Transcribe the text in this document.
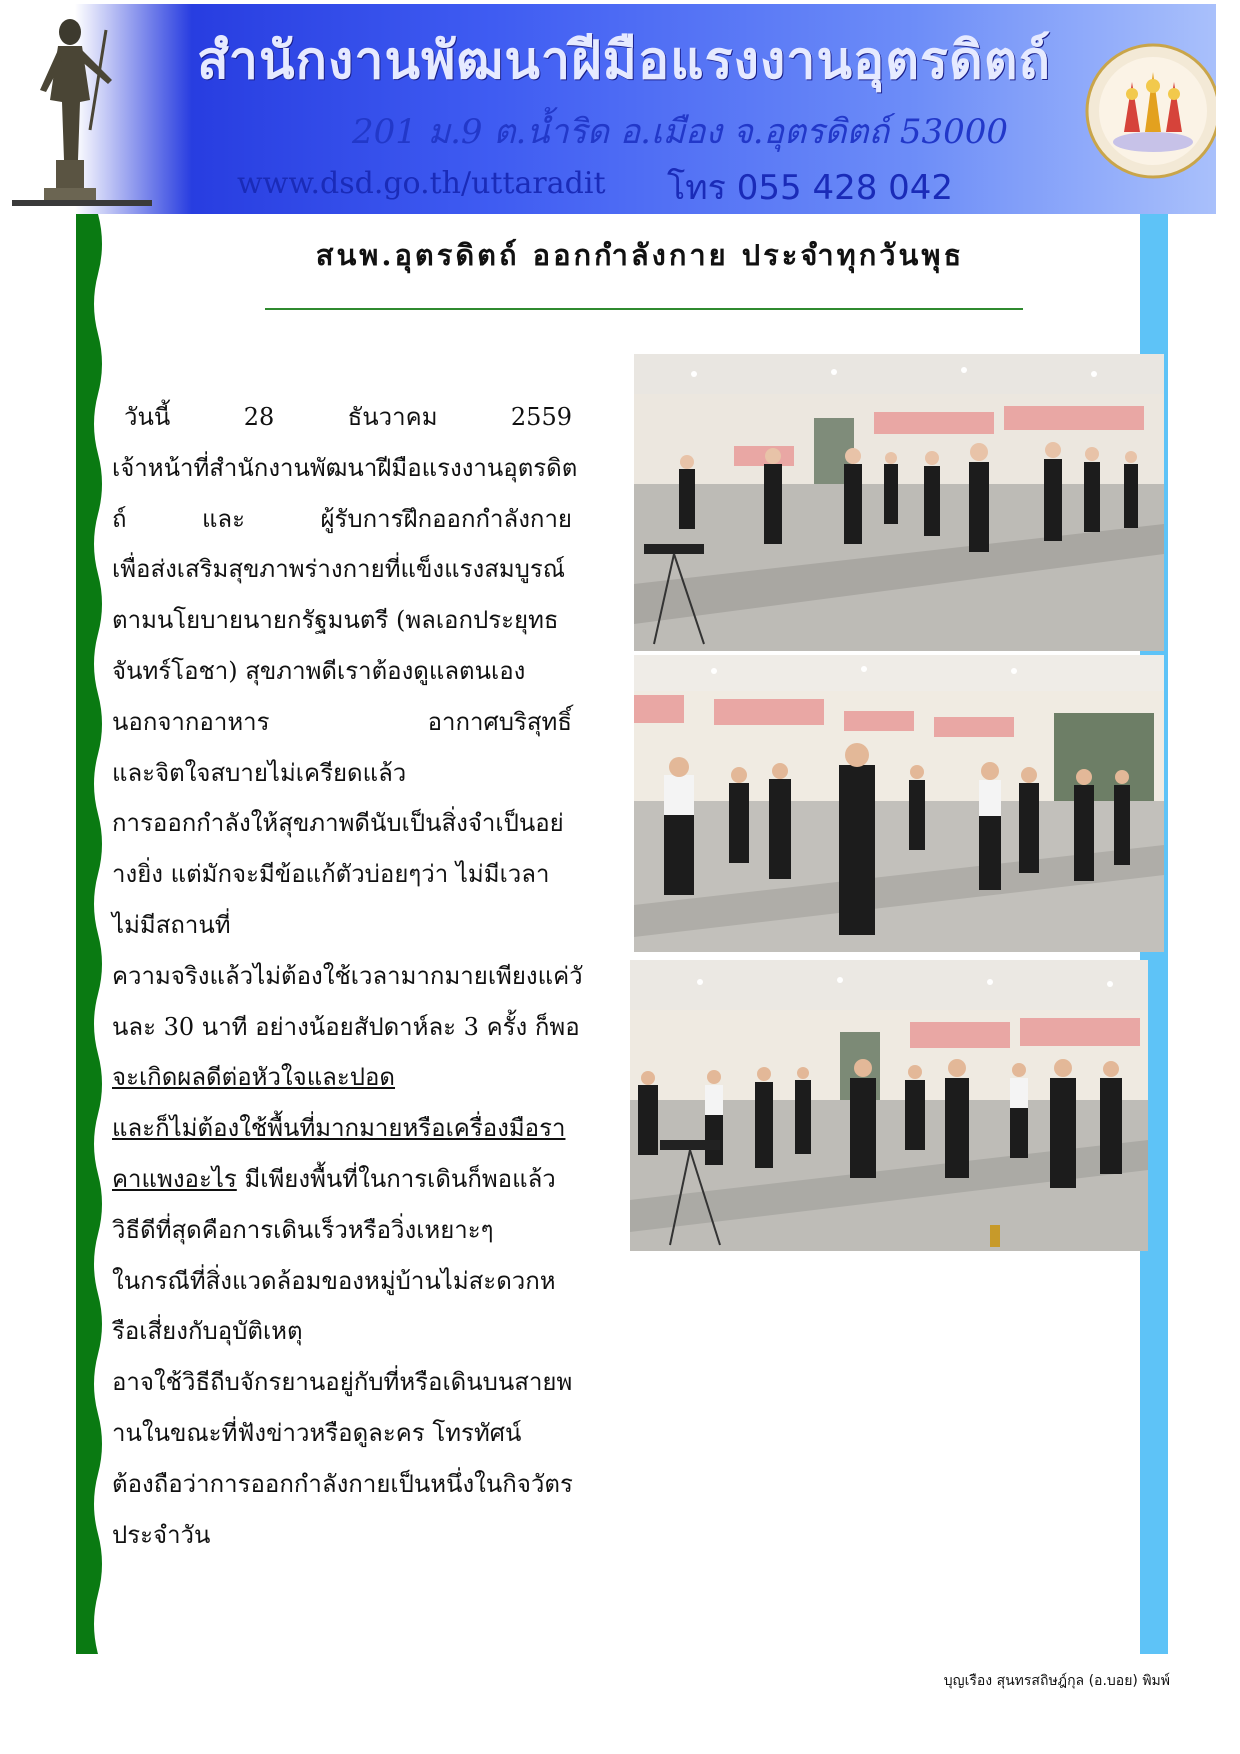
สำนักงานพัฒนาฝีมือแรงงานอุตรดิตถ์
201 ม.9 ต.น้ำริด อ.เมือง จ.อุตรดิตถ์ 53000
www.dsd.go.th/uttaradit โทร 055 428 042
สนพ.อุตรดิตถ์ ออกกำลังกาย ประจำทุกวันพุธ
วันนี้ 28 ธันวาคม 2559
เจ้าหน้าที่สำนักงานพัฒนาฝีมือแรงงานอุตรดิต
ถ์ และ ผู้รับการฝึกออกกำลังกาย
เพื่อส่งเสริมสุขภาพร่างกายที่แข็งแรงสมบูรณ์
ตามนโยบายนายกรัฐมนตรี (พลเอกประยุทธ
จันทร์โอชา) สุขภาพดีเราต้องดูแลตนเอง
นอกจากอาหาร อากาศบริสุทธิ์
และจิตใจสบายไม่เครียดแล้ว
การออกกำลังให้สุขภาพดีนับเป็นสิ่งจำเป็นอย่
างยิ่ง แต่มักจะมีข้อแก้ตัวบ่อยๆว่า ไม่มีเวลา
ไม่มีสถานที่
ความจริงแล้วไม่ต้องใช้เวลามากมายเพียงแค่วั
นละ 30 นาที อย่างน้อยสัปดาห์ละ 3 ครั้ง ก็พอ
จะเกิดผลดีต่อหัวใจและปอด
และก็ไม่ต้องใช้พื้นที่มากมายหรือเครื่องมือรา
คาแพงอะไร มีเพียงพื้นที่ในการเดินก็พอแล้ว
วิธีดีที่สุดคือการเดินเร็วหรือวิ่งเหยาะๆ
ในกรณีที่สิ่งแวดล้อมของหมู่บ้านไม่สะดวกห
รือเสี่ยงกับอุบัติเหตุ
อาจใช้วิธีถีบจักรยานอยู่กับที่หรือเดินบนสายพ
านในขณะที่ฟังข่าวหรือดูละคร โทรทัศน์
ต้องถือว่าการออกกำลังกายเป็นหนึ่งในกิจวัตร
ประจำวัน
บุญเรือง สุนทรสถิษฎ์กุล (อ.บอย) พิมพ์
